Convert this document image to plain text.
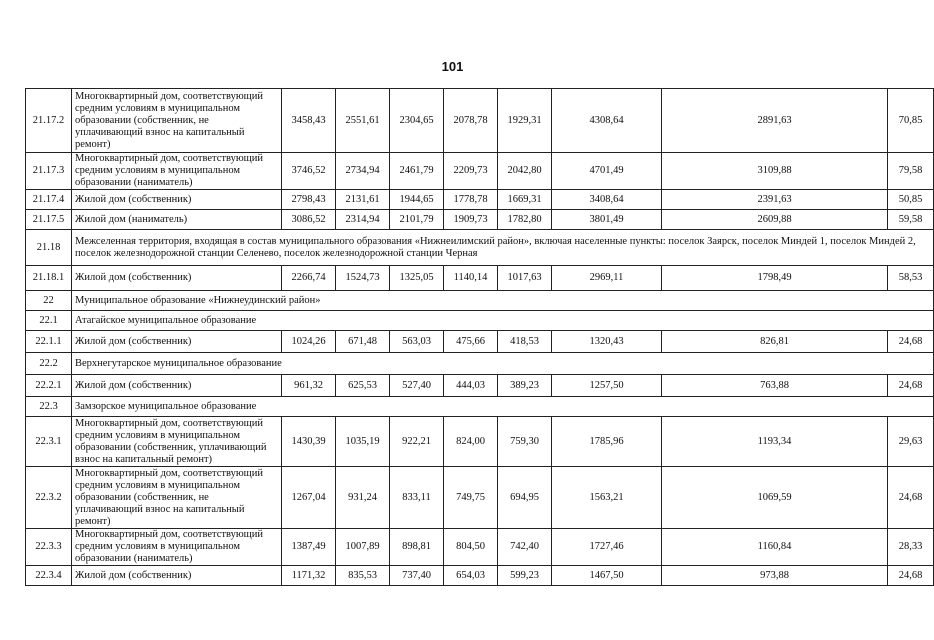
101
21.17.2	Многоквартирный дом, соответствующий средним условиям в муниципальном образовании (собственник, не уплачивающий взнос на капитальный ремонт)	3458,43	2551,61	2304,65	2078,78	1929,31	4308,64	2891,63	70,85
21.17.3	Многоквартирный дом, соответствующий средним условиям в муниципальном образовании (наниматель)	3746,52	2734,94	2461,79	2209,73	2042,80	4701,49	3109,88	79,58
21.17.4	Жилой дом (собственник)	2798,43	2131,61	1944,65	1778,78	1669,31	3408,64	2391,63	50,85
21.17.5	Жилой дом (наниматель)	3086,52	2314,94	2101,79	1909,73	1782,80	3801,49	2609,88	59,58
21.18	Межселенная территория, входящая в состав муниципального образования «Нижнеилимский район», включая населенные пункты: поселок Заярск, поселок Миндей 1, поселок Миндей 2, поселок железнодорожной станции Селенево, поселок железнодорожной станции Черная								
21.18.1	Жилой дом (собственник)	2266,74	1524,73	1325,05	1140,14	1017,63	2969,11	1798,49	58,53
22	Муниципальное образование «Нижнеудинский район»								
22.1	Атагайское муниципальное образование								
22.1.1	Жилой дом (собственник)	1024,26	671,48	563,03	475,66	418,53	1320,43	826,81	24,68
22.2	Верхнегутарское муниципальное образование								
22.2.1	Жилой дом (собственник)	961,32	625,53	527,40	444,03	389,23	1257,50	763,88	24,68
22.3	Замзорское муниципальное образование								
22.3.1	Многоквартирный дом, соответствующий средним условиям в муниципальном образовании (собственник, уплачивающий взнос на капитальный ремонт)	1430,39	1035,19	922,21	824,00	759,30	1785,96	1193,34	29,63
22.3.2	Многоквартирный дом, соответствующий средним условиям в муниципальном образовании (собственник, не уплачивающий взнос на капитальный ремонт)	1267,04	931,24	833,11	749,75	694,95	1563,21	1069,59	24,68
22.3.3	Многоквартирный дом, соответствующий средним условиям в муниципальном образовании (наниматель)	1387,49	1007,89	898,81	804,50	742,40	1727,46	1160,84	28,33
22.3.4	Жилой дом (собственник)	1171,32	835,53	737,40	654,03	599,23	1467,50	973,88	24,68
